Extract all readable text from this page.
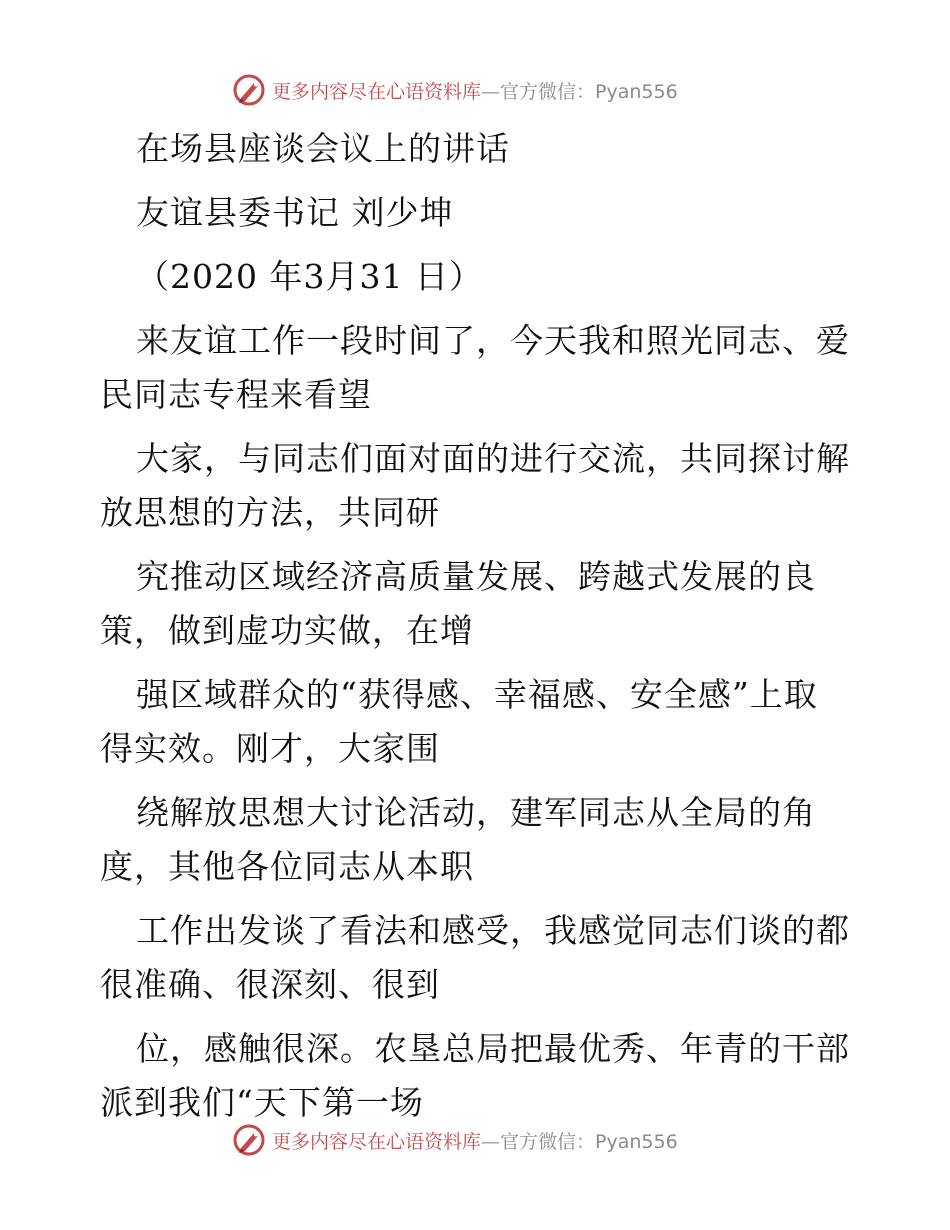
更多内容尽在心语资料库—官方微信：Pyan556
在场县座谈会议上的讲话
友谊县委书记 刘少坤
（2020 年3月31 日）
来友谊工作一段时间了，今天我和照光同志、爱
民同志专程来看望
大家，与同志们面对面的进行交流，共同探讨解
放思想的方法，共同研
究推动区域经济高质量发展、跨越式发展的良
策，做到虚功实做，在增
强区域群众的“获得感、幸福感、安全感”上取
得实效。刚才，大家围
绕解放思想大讨论活动，建军同志从全局的角
度，其他各位同志从本职
工作出发谈了看法和感受，我感觉同志们谈的都
很准确、很深刻、很到
位，感触很深。农垦总局把最优秀、年青的干部
派到我们“天下第一场
更多内容尽在心语资料库—官方微信：Pyan556
